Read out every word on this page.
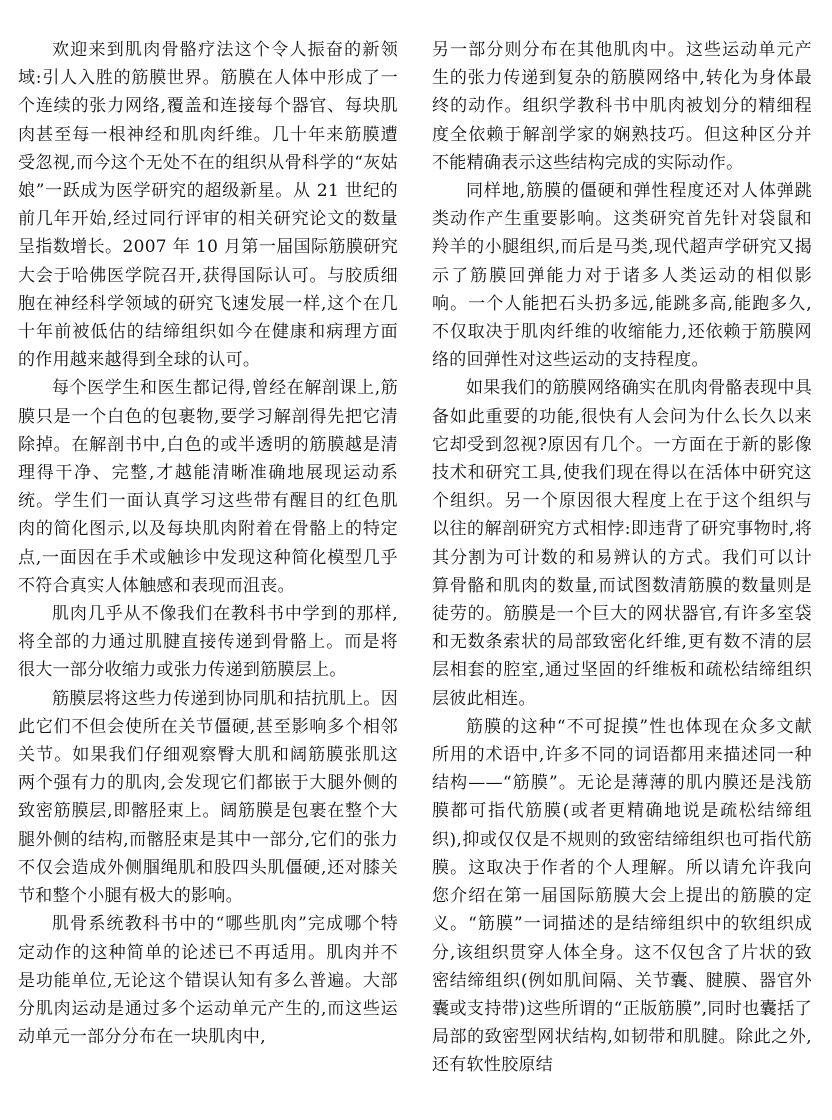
欢迎来到肌肉骨骼疗法这个令人振奋的新领域:引人入胜的筋膜世界。筋膜在人体中形成了一个连续的张力网络,覆盖和连接每个器官、每块肌肉甚至每一根神经和肌肉纤维。几十年来筋膜遭受忽视,而今这个无处不在的组织从骨科学的“灰姑娘”一跃成为医学研究的超级新星。从 21 世纪的前几年开始,经过同行评审的相关研究论文的数量呈指数增长。2007 年 10 月第一届国际筋膜研究大会于哈佛医学院召开,获得国际认可。与胶质细胞在神经科学领域的研究飞速发展一样,这个在几十年前被低估的结缔组织如今在健康和病理方面的作用越来越得到全球的认可。

每个医学生和医生都记得,曾经在解剖课上,筋膜只是一个白色的包裹物,要学习解剖得先把它清除掉。在解剖书中,白色的或半透明的筋膜越是清理得干净、完整,才越能清晰准确地展现运动系统。学生们一面认真学习这些带有醒目的红色肌肉的简化图示,以及每块肌肉附着在骨骼上的特定点,一面因在手术或触诊中发现这种简化模型几乎不符合真实人体触感和表现而沮丧。

肌肉几乎从不像我们在教科书中学到的那样,将全部的力通过肌腱直接传递到骨骼上。而是将很大一部分收缩力或张力传递到筋膜层上。

筋膜层将这些力传递到协同肌和拮抗肌上。因此它们不但会使所在关节僵硬,甚至影响多个相邻关节。如果我们仔细观察臀大肌和阔筋膜张肌这两个强有力的肌肉,会发现它们都嵌于大腿外侧的致密筋膜层,即髂胫束上。阔筋膜是包裹在整个大腿外侧的结构,而髂胫束是其中一部分,它们的张力不仅会造成外侧腘绳肌和股四头肌僵硬,还对膝关节和整个小腿有极大的影响。

肌骨系统教科书中的“哪些肌肉”完成哪个特定动作的这种简单的论述已不再适用。肌肉并不是功能单位,无论这个错误认知有多么普遍。大部分肌肉运动是通过多个运动单元产生的,而这些运动单元一部分分布在一块肌肉中,

另一部分则分布在其他肌肉中。这些运动单元产生的张力传递到复杂的筋膜网络中,转化为身体最终的动作。组织学教科书中肌肉被划分的精细程度全依赖于解剖学家的娴熟技巧。但这种区分并不能精确表示这些结构完成的实际动作。

同样地,筋膜的僵硬和弹性程度还对人体弹跳类动作产生重要影响。这类研究首先针对袋鼠和羚羊的小腿组织,而后是马类,现代超声学研究又揭示了筋膜回弹能力对于诸多人类运动的相似影响。一个人能把石头扔多远,能跳多高,能跑多久,不仅取决于肌肉纤维的收缩能力,还依赖于筋膜网络的回弹性对这些运动的支持程度。

如果我们的筋膜网络确实在肌肉骨骼表现中具备如此重要的功能,很快有人会问为什么长久以来它却受到忽视?原因有几个。一方面在于新的影像技术和研究工具,使我们现在得以在活体中研究这个组织。另一个原因很大程度上在于这个组织与以往的解剖研究方式相悖:即违背了研究事物时,将其分割为可计数的和易辨认的方式。我们可以计算骨骼和肌肉的数量,而试图数清筋膜的数量则是徒劳的。筋膜是一个巨大的网状器官,有许多室袋和无数条索状的局部致密化纤维,更有数不清的层层相套的腔室,通过坚固的纤维板和疏松结缔组织层彼此相连。

筋膜的这种“不可捉摸”性也体现在众多文献所用的术语中,许多不同的词语都用来描述同一种结构——“筋膜”。无论是薄薄的肌内膜还是浅筋膜都可指代筋膜(或者更精确地说是疏松结缔组织),抑或仅仅是不规则的致密结缔组织也可指代筋膜。这取决于作者的个人理解。所以请允许我向您介绍在第一届国际筋膜大会上提出的筋膜的定义。“筋膜”一词描述的是结缔组织中的软组织成分,该组织贯穿人体全身。这不仅包含了片状的致密结缔组织(例如肌间隔、关节囊、腱膜、器官外囊或支持带)这些所谓的“正版筋膜”,同时也囊括了局部的致密型网状结构,如韧带和肌腱。除此之外,还有软性胶原结
